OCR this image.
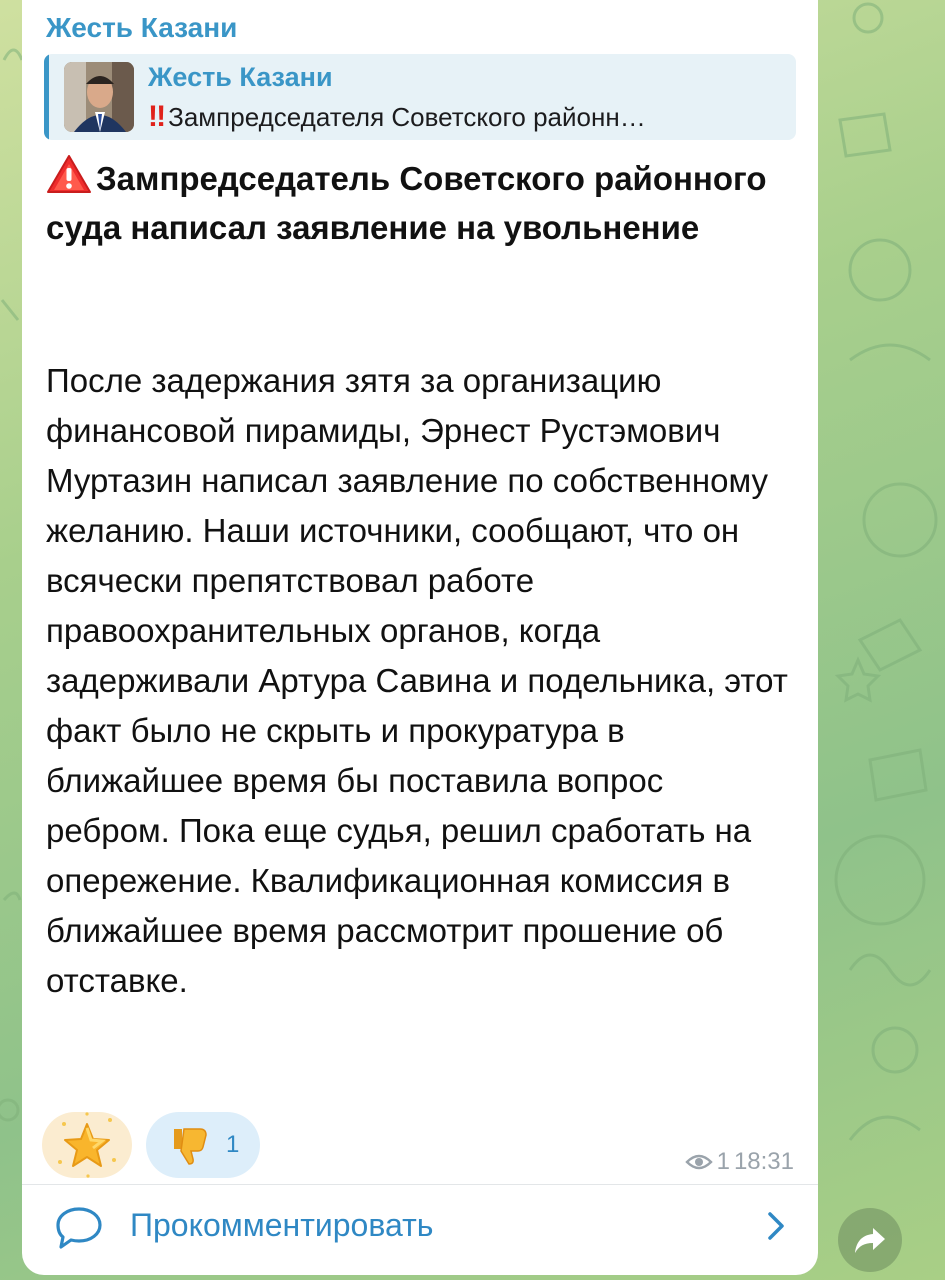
Жесть Казани
Жесть Казани
‼ Зампредседателя Советского районн…
Зампредседатель Советского районного суда написал заявление на увольнение
После задержания зятя за организацию финансовой пирамиды, Эрнест Рустэмович Муртазин написал заявление по собственному желанию. Наши источники, сообщают, что он всячески препятствовал работе правоохранительных органов, когда задерживали Артура Савина и подельника, этот факт было не скрыть и прокуратура в ближайшее время бы поставила вопрос ребром. Пока еще судья, решил сработать на опережение. Квалификационная комиссия в ближайшее время рассмотрит прошение об отставке.
1
1 18:31
Прокомментировать
